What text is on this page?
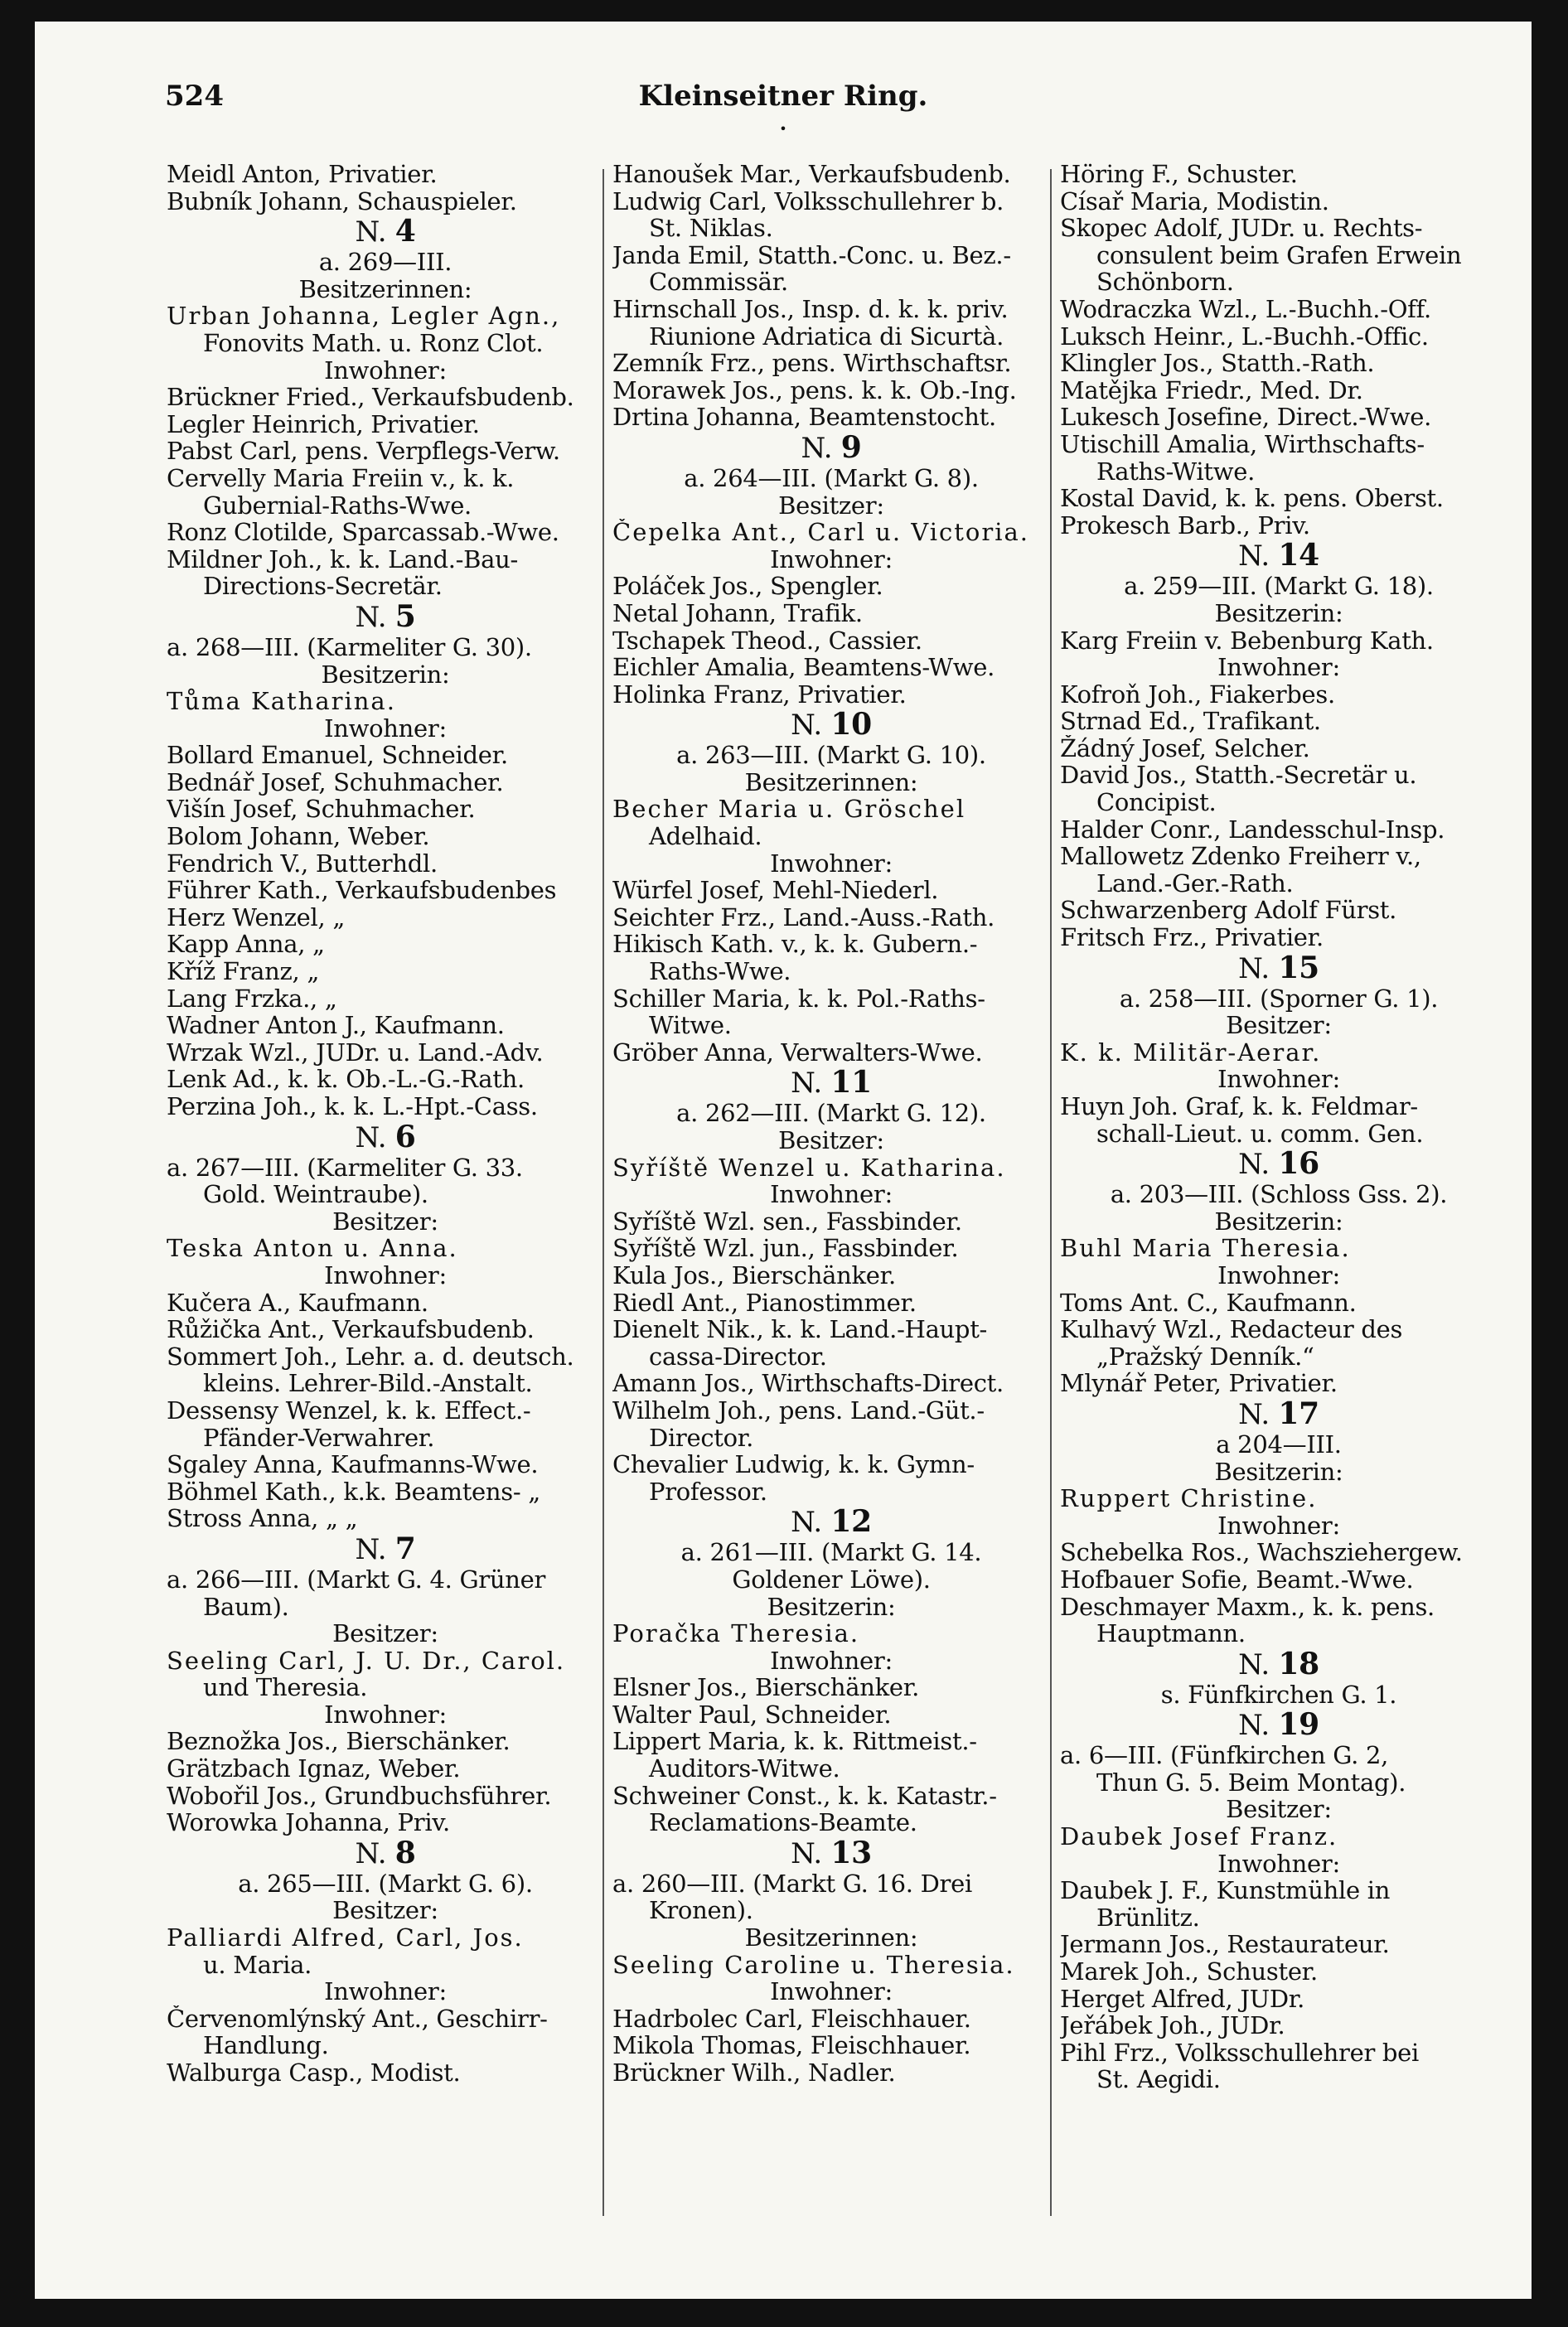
524	Kleinseitner Ring.
•
Meidl Anton, Privatier.
Bubník Johann, Schauspieler.
N. 4
a. 269—III.
Besitzerinnen:
Urban Johanna, Legler Agn.,
Fonovits Math. u. Ronz Clot.
Inwohner:
Brückner Fried., Verkaufsbudenb.
Legler Heinrich, Privatier.
Pabst Carl, pens. Verpflegs-Verw.
Cervelly Maria Freiin v., k. k.
Gubernial-Raths-Wwe.
Ronz Clotilde, Sparcassab.-Wwe.
Mildner Joh., k. k. Land.-Bau-
Directions-Secretär.
N. 5
a. 268—III. (Karmeliter G. 30).
Besitzerin:
Tůma Katharina.
Inwohner:
Bollard Emanuel, Schneider.
Bednář Josef, Schuhmacher.
Višín Josef, Schuhmacher.
Bolom Johann, Weber.
Fendrich V., Butterhdl.
Führer Kath., Verkaufsbudenbes
Herz Wenzel, „
Kapp Anna, „
Kříž Franz, „
Lang Frzka., „
Wadner Anton J., Kaufmann.
Wrzak Wzl., JUDr. u. Land.-Adv.
Lenk Ad., k. k. Ob.-L.-G.-Rath.
Perzina Joh., k. k. L.-Hpt.-Cass.
N. 6
a. 267—III. (Karmeliter G. 33.
Gold. Weintraube).
Besitzer:
Teska Anton u. Anna.
Inwohner:
Kučera A., Kaufmann.
Růžička Ant., Verkaufsbudenb.
Sommert Joh., Lehr. a. d. deutsch.
kleins. Lehrer-Bild.-Anstalt.
Dessensy Wenzel, k. k. Effect.-
Pfänder-Verwahrer.
Sgaley Anna, Kaufmanns-Wwe.
Böhmel Kath., k.k. Beamtens- „
Stross Anna, „ „
N. 7
a. 266—III. (Markt G. 4. Grüner
Baum).
Besitzer:
Seeling Carl, J. U. Dr., Carol.
und Theresia.
Inwohner:
Beznožka Jos., Bierschänker.
Grätzbach Ignaz, Weber.
Wobořil Jos., Grundbuchsführer.
Worowka Johanna, Priv.
N. 8
a. 265—III. (Markt G. 6).
Besitzer:
Palliardi Alfred, Carl, Jos.
u. Maria.
Inwohner:
Červenomlýnský Ant., Geschirr-
Handlung.
Walburga Casp., Modist.
Hanoušek Mar., Verkaufsbudenb.
Ludwig Carl, Volksschullehrer b.
St. Niklas.
Janda Emil, Statth.-Conc. u. Bez.-
Commissär.
Hirnschall Jos., Insp. d. k. k. priv.
Riunione Adriatica di Sicurtà.
Zemník Frz., pens. Wirthschaftsr.
Morawek Jos., pens. k. k. Ob.-Ing.
Drtina Johanna, Beamtenstocht.
N. 9
a. 264—III. (Markt G. 8).
Besitzer:
Čepelka Ant., Carl u. Victoria.
Inwohner:
Poláček Jos., Spengler.
Netal Johann, Trafik.
Tschapek Theod., Cassier.
Eichler Amalia, Beamtens-Wwe.
Holinka Franz, Privatier.
N. 10
a. 263—III. (Markt G. 10).
Besitzerinnen:
Becher Maria u. Gröschel
Adelhaid.
Inwohner:
Würfel Josef, Mehl-Niederl.
Seichter Frz., Land.-Auss.-Rath.
Hikisch Kath. v., k. k. Gubern.-
Raths-Wwe.
Schiller Maria, k. k. Pol.-Raths-
Witwe.
Gröber Anna, Verwalters-Wwe.
N. 11
a. 262—III. (Markt G. 12).
Besitzer:
Syříště Wenzel u. Katharina.
Inwohner:
Syříště Wzl. sen., Fassbinder.
Syříště Wzl. jun., Fassbinder.
Kula Jos., Bierschänker.
Riedl Ant., Pianostimmer.
Dienelt Nik., k. k. Land.-Haupt-
cassa-Director.
Amann Jos., Wirthschafts-Direct.
Wilhelm Joh., pens. Land.-Güt.-
Director.
Chevalier Ludwig, k. k. Gymn-
Professor.
N. 12
a. 261—III. (Markt G. 14.
Goldener Löwe).
Besitzerin:
Poračka Theresia.
Inwohner:
Elsner Jos., Bierschänker.
Walter Paul, Schneider.
Lippert Maria, k. k. Rittmeist.-
Auditors-Witwe.
Schweiner Const., k. k. Katastr.-
Reclamations-Beamte.
N. 13
a. 260—III. (Markt G. 16. Drei
Kronen).
Besitzerinnen:
Seeling Caroline u. Theresia.
Inwohner:
Hadrbolec Carl, Fleischhauer.
Mikola Thomas, Fleischhauer.
Brückner Wilh., Nadler.
Höring F., Schuster.
Císař Maria, Modistin.
Skopec Adolf, JUDr. u. Rechts-
consulent beim Grafen Erwein
Schönborn.
Wodraczka Wzl., L.-Buchh.-Off.
Luksch Heinr., L.-Buchh.-Offic.
Klingler Jos., Statth.-Rath.
Matějka Friedr., Med. Dr.
Lukesch Josefine, Direct.-Wwe.
Utischill Amalia, Wirthschafts-
Raths-Witwe.
Kostal David, k. k. pens. Oberst.
Prokesch Barb., Priv.
N. 14
a. 259—III. (Markt G. 18).
Besitzerin:
Karg Freiin v. Bebenburg Kath.
Inwohner:
Kofroň Joh., Fiakerbes.
Strnad Ed., Trafikant.
Žádný Josef, Selcher.
David Jos., Statth.-Secretär u.
Concipist.
Halder Conr., Landesschul-Insp.
Mallowetz Zdenko Freiherr v.,
Land.-Ger.-Rath.
Schwarzenberg Adolf Fürst.
Fritsch Frz., Privatier.
N. 15
a. 258—III. (Sporner G. 1).
Besitzer:
K. k. Militär-Aerar.
Inwohner:
Huyn Joh. Graf, k. k. Feldmar-
schall-Lieut. u. comm. Gen.
N. 16
a. 203—III. (Schloss Gss. 2).
Besitzerin:
Buhl Maria Theresia.
Inwohner:
Toms Ant. C., Kaufmann.
Kulhavý Wzl., Redacteur des
„Pražský Denník.“
Mlynář Peter, Privatier.
N. 17
a 204—III.
Besitzerin:
Ruppert Christine.
Inwohner:
Schebelka Ros., Wachsziehergew.
Hofbauer Sofie, Beamt.-Wwe.
Deschmayer Maxm., k. k. pens.
Hauptmann.
N. 18
s. Fünfkirchen G. 1.
N. 19
a. 6—III. (Fünfkirchen G. 2,
Thun G. 5. Beim Montag).
Besitzer:
Daubek Josef Franz.
Inwohner:
Daubek J. F., Kunstmühle in
Brünlitz.
Jermann Jos., Restaurateur.
Marek Joh., Schuster.
Herget Alfred, JUDr.
Jeřábek Joh., JUDr.
Pihl Frz., Volksschullehrer bei
St. Aegidi.
